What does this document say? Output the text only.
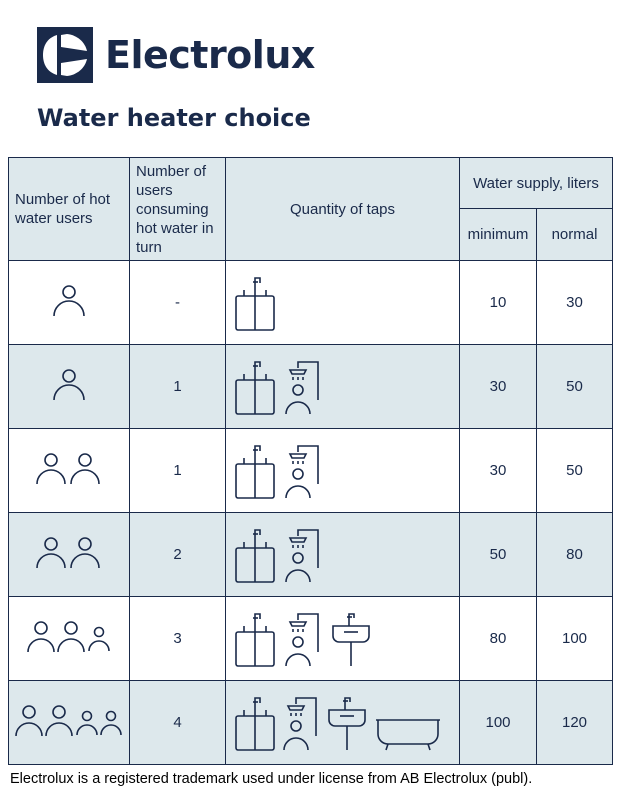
Electrolux
Water heater choice
Number of hot water users	Number of users consuming hot water in turn	Quantity of taps	Water supply, liters	
			minimum	normal
	-		10	30
	1		30	50
	1		30	50
	2		50	80
	3		80	100
	4		100	120
Electrolux is a registered trademark used under license from AB Electrolux (publ).
